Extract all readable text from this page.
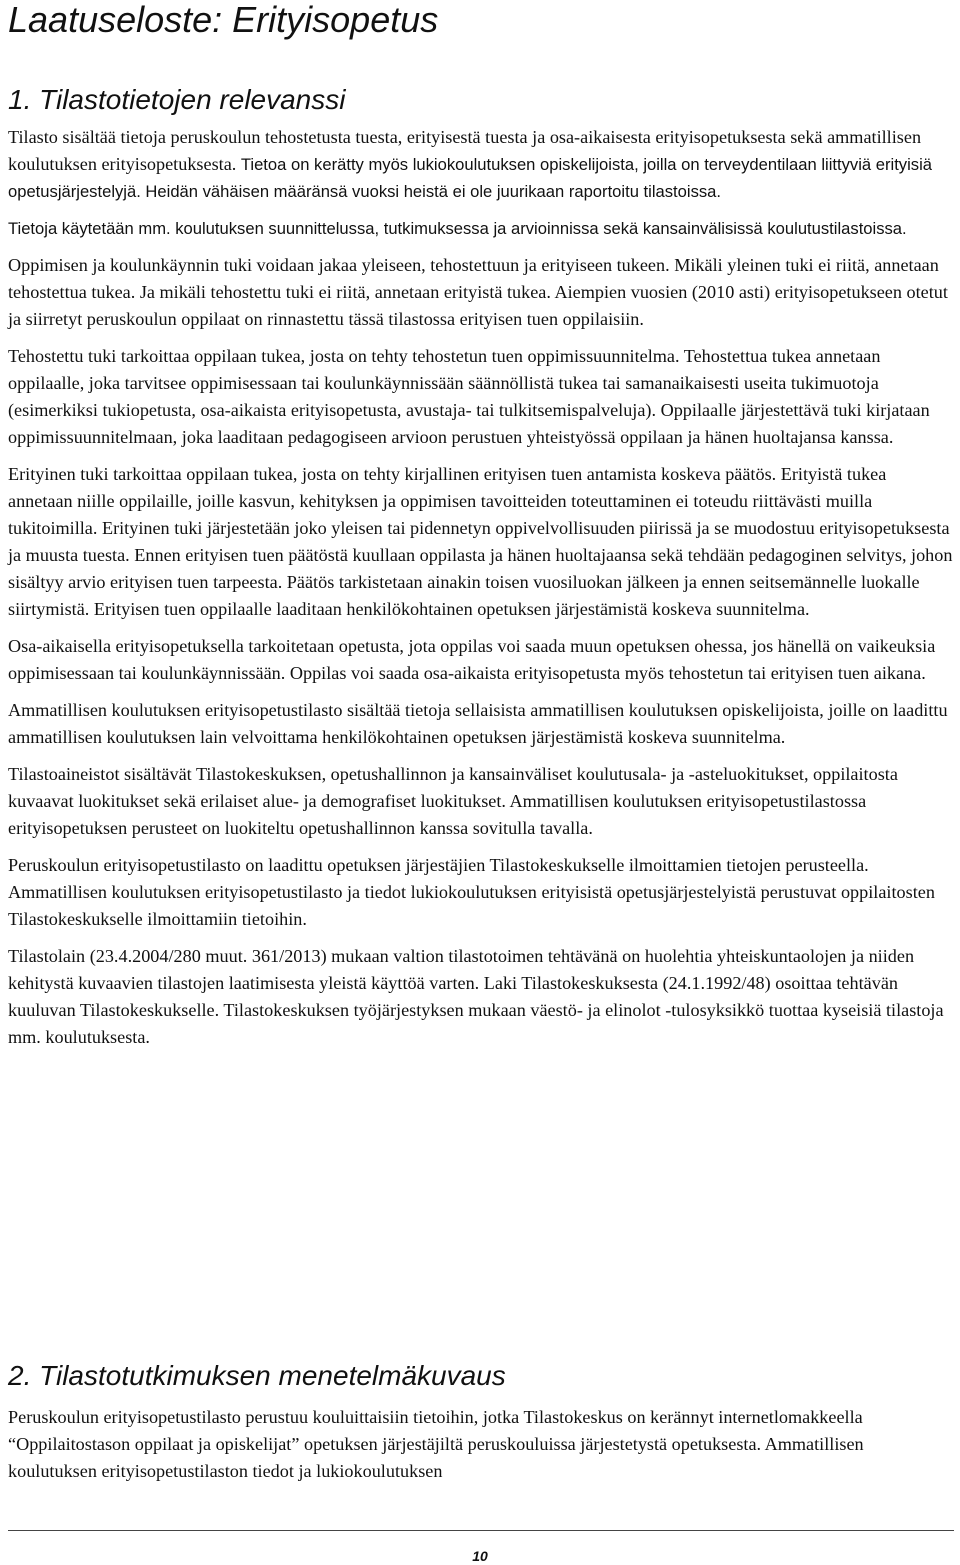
Laatuseloste: Erityisopetus
1. Tilastotietojen relevanssi

Tilasto sisältää tietoja peruskoulun tehostetusta tuesta, erityisestä tuesta ja osa-aikaisesta erityisopetuksesta sekä ammatillisen koulutuksen erityisopetuksesta. Tietoa on kerätty myös lukiokoulutuksen opiskelijoista, joilla on terveydentilaan liittyviä erityisiä opetusjärjestelyjä. Heidän vähäisen määränsä vuoksi heistä ei ole juurikaan raportoitu tilastoissa.

Tietoja käytetään mm. koulutuksen suunnittelussa, tutkimuksessa ja arvioinnissa sekä kansainvälisissä koulutustilastoissa.

Oppimisen ja koulunkäynnin tuki voidaan jakaa yleiseen, tehostettuun ja erityiseen tukeen. Mikäli yleinen tuki ei riitä, annetaan tehostettua tukea. Ja mikäli tehostettu tuki ei riitä, annetaan erityistä tukea. Aiempien vuosien (2010 asti) erityisopetukseen otetut ja siirretyt peruskoulun oppilaat on rinnastettu tässä tilastossa erityisen tuen oppilaisiin.

Tehostettu tuki tarkoittaa oppilaan tukea, josta on tehty tehostetun tuen oppimissuunnitelma. Tehostettua tukea annetaan oppilaalle, joka tarvitsee oppimisessaan tai koulunkäynnissään säännöllistä tukea tai samanaikaisesti useita tukimuotoja (esimerkiksi tukiopetusta, osa-aikaista erityisopetusta, avustaja- tai tulkitsemispalveluja). Oppilaalle järjestettävä tuki kirjataan oppimissuunnitelmaan, joka laaditaan pedagogiseen arvioon perustuen yhteistyössä oppilaan ja hänen huoltajansa kanssa.

Erityinen tuki tarkoittaa oppilaan tukea, josta on tehty kirjallinen erityisen tuen antamista koskeva päätös. Erityistä tukea annetaan niille oppilaille, joille kasvun, kehityksen ja oppimisen tavoitteiden toteuttaminen ei toteudu riittävästi muilla tukitoimilla. Erityinen tuki järjestetään joko yleisen tai pidennetyn oppivelvollisuuden piirissä ja se muodostuu erityisopetuksesta ja muusta tuesta. Ennen erityisen tuen päätöstä kuullaan oppilasta ja hänen huoltajaansa sekä tehdään pedagoginen selvitys, johon sisältyy arvio erityisen tuen tarpeesta. Päätös tarkistetaan ainakin toisen vuosiluokan jälkeen ja ennen seitsemännelle luokalle siirtymistä. Erityisen tuen oppilaalle laaditaan henkilökohtainen opetuksen järjestämistä koskeva suunnitelma.

Osa-aikaisella erityisopetuksella tarkoitetaan opetusta, jota oppilas voi saada muun opetuksen ohessa, jos hänellä on vaikeuksia oppimisessaan tai koulunkäynnissään. Oppilas voi saada osa-aikaista erityisopetusta myös tehostetun tai erityisen tuen aikana.

Ammatillisen koulutuksen erityisopetustilasto sisältää tietoja sellaisista ammatillisen koulutuksen opiskelijoista, joille on laadittu ammatillisen koulutuksen lain velvoittama henkilökohtainen opetuksen järjestämistä koskeva suunnitelma.

Tilastoaineistot sisältävät Tilastokeskuksen, opetushallinnon ja kansainväliset koulutusala- ja -asteluokitukset, oppilaitosta kuvaavat luokitukset sekä erilaiset alue- ja demografiset luokitukset. Ammatillisen koulutuksen erityisopetustilastossa erityisopetuksen perusteet on luokiteltu opetushallinnon kanssa sovitulla tavalla.

Peruskoulun erityisopetustilasto on laadittu opetuksen järjestäjien Tilastokeskukselle ilmoittamien tietojen perusteella. Ammatillisen koulutuksen erityisopetustilasto ja tiedot lukiokoulutuksen erityisistä opetusjärjestelyistä perustuvat oppilaitosten Tilastokeskukselle ilmoittamiin tietoihin.

Tilastolain (23.4.2004/280 muut. 361/2013) mukaan valtion tilastotoimen tehtävänä on huolehtia yhteiskuntaolojen ja niiden kehitystä kuvaavien tilastojen laatimisesta yleistä käyttöä varten. Laki Tilastokeskuksesta (24.1.1992/48) osoittaa tehtävän kuuluvan Tilastokeskukselle. Tilastokeskuksen työjärjestyksen mukaan väestö- ja elinolot -tulosyksikkö tuottaa kyseisiä tilastoja mm. koulutuksesta.

2. Tilastotutkimuksen menetelmäkuvaus

Peruskoulun erityisopetustilasto perustuu kouluittaisiin tietoihin, jotka Tilastokeskus on kerännyt internetlomakkeella “Oppilaitostason oppilaat ja opiskelijat” opetuksen järjestäjiltä peruskouluissa järjestetystä opetuksesta. Ammatillisen koulutuksen erityisopetustilaston tiedot ja lukiokoulutuksen

10
